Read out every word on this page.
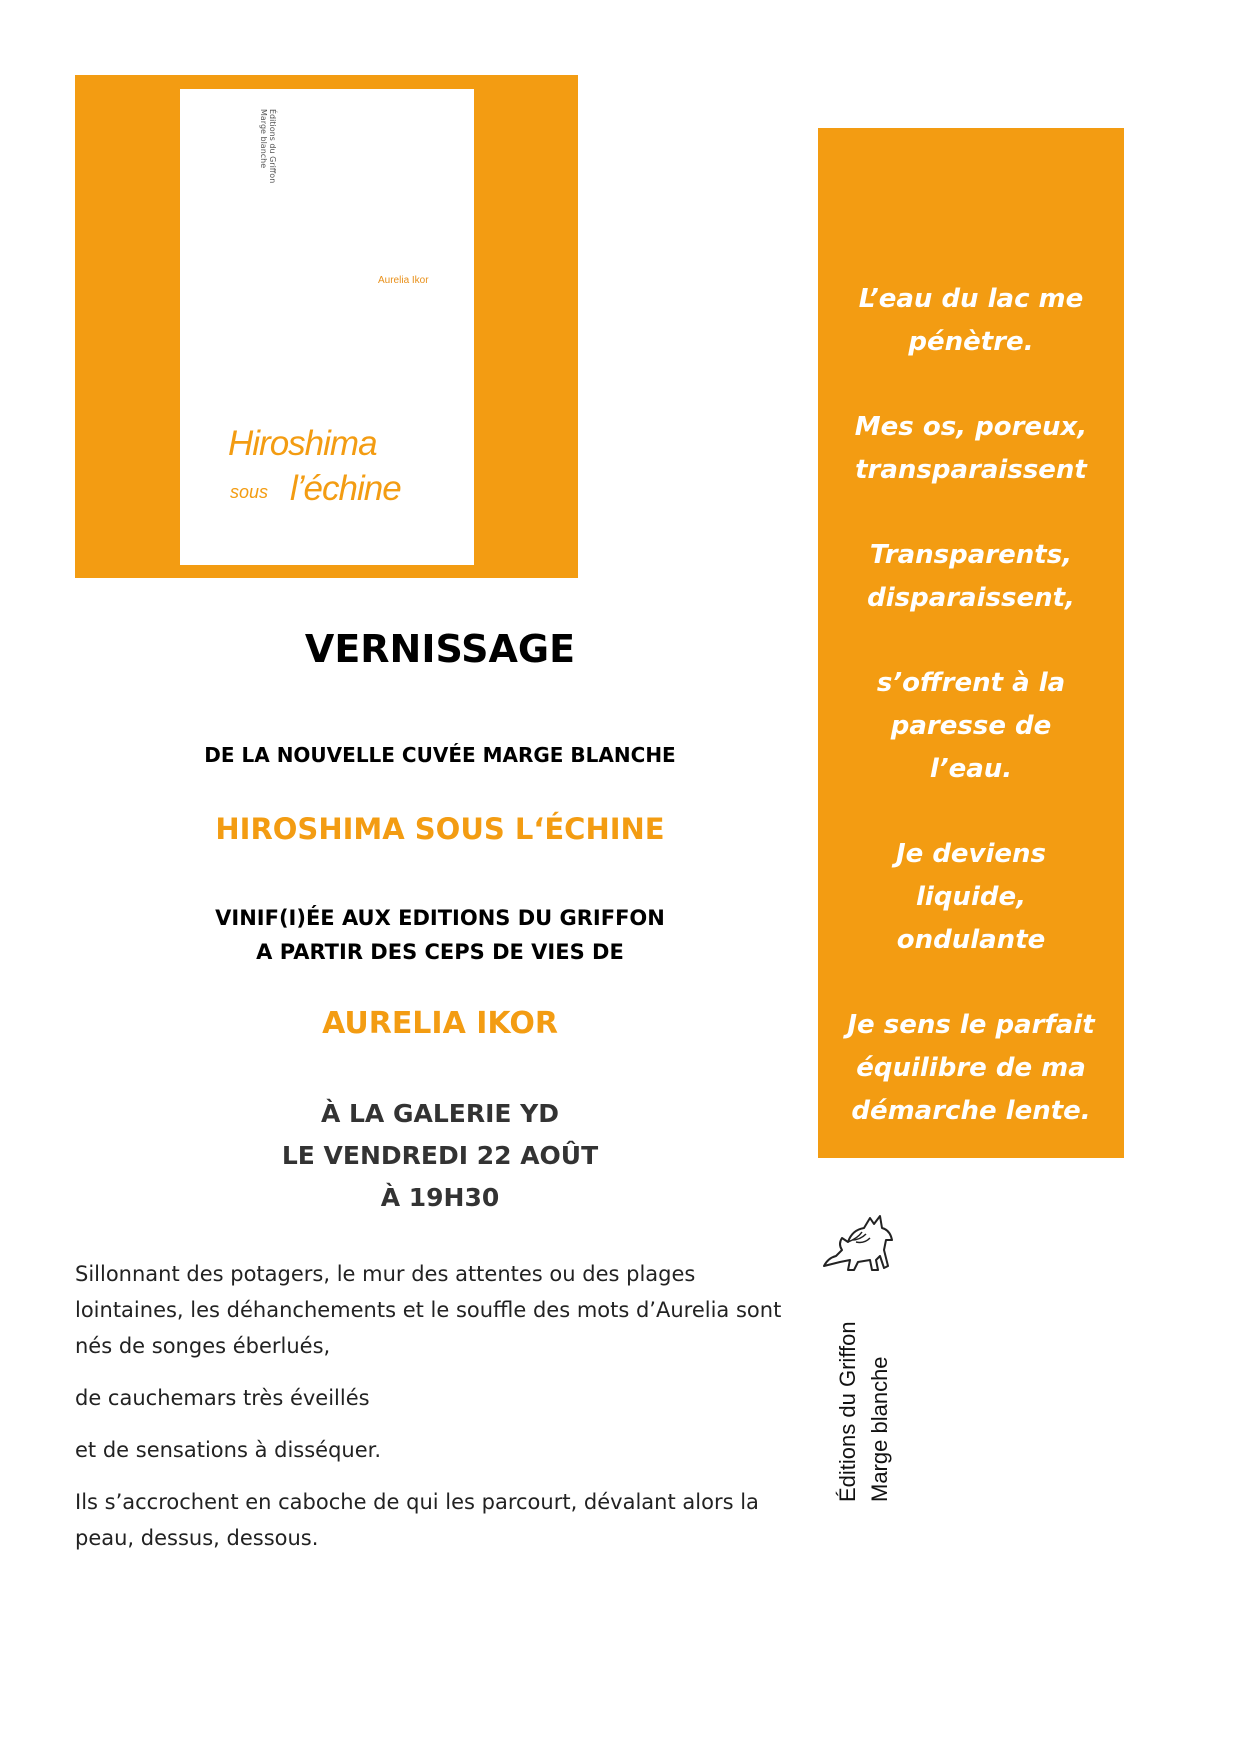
Éditions du Griffon
Marge blanche
Aurelia Ikor
Hiroshima
sous l’échine
Éditions du Griffon
Marge blanche
VERNISSAGE
DE LA NOUVELLE CUVÉE MARGE BLANCHE
HIROSHIMA SOUS L‘ÉCHINE
VINIF(I)ÉE AUX EDITIONS DU GRIFFON
A PARTIR DES CEPS DE VIES DE
AURELIA IKOR
À LA GALERIE YD
LE VENDREDI 22 AOÛT
À 19H30

Sillonnant des potagers, le mur des attentes ou des plages lointaines, les déhanchements et le souffle des mots d’Aurelia sont nés de songes éberlués,

de cauchemars très éveillés

et de sensations à disséquer.

Ils s’accrochent en caboche de qui les parcourt, dévalant alors la peau, dessus, dessous.

L’eau du lac me
pénètre.

Mes os, poreux,
transparaissent

Transparents,
disparaissent,

s’offrent à la
paresse de
l’eau.

Je deviens
liquide,
ondulante

Je sens le parfait
équilibre de ma
démarche lente.

Éditions du Griffon Marge blanche
